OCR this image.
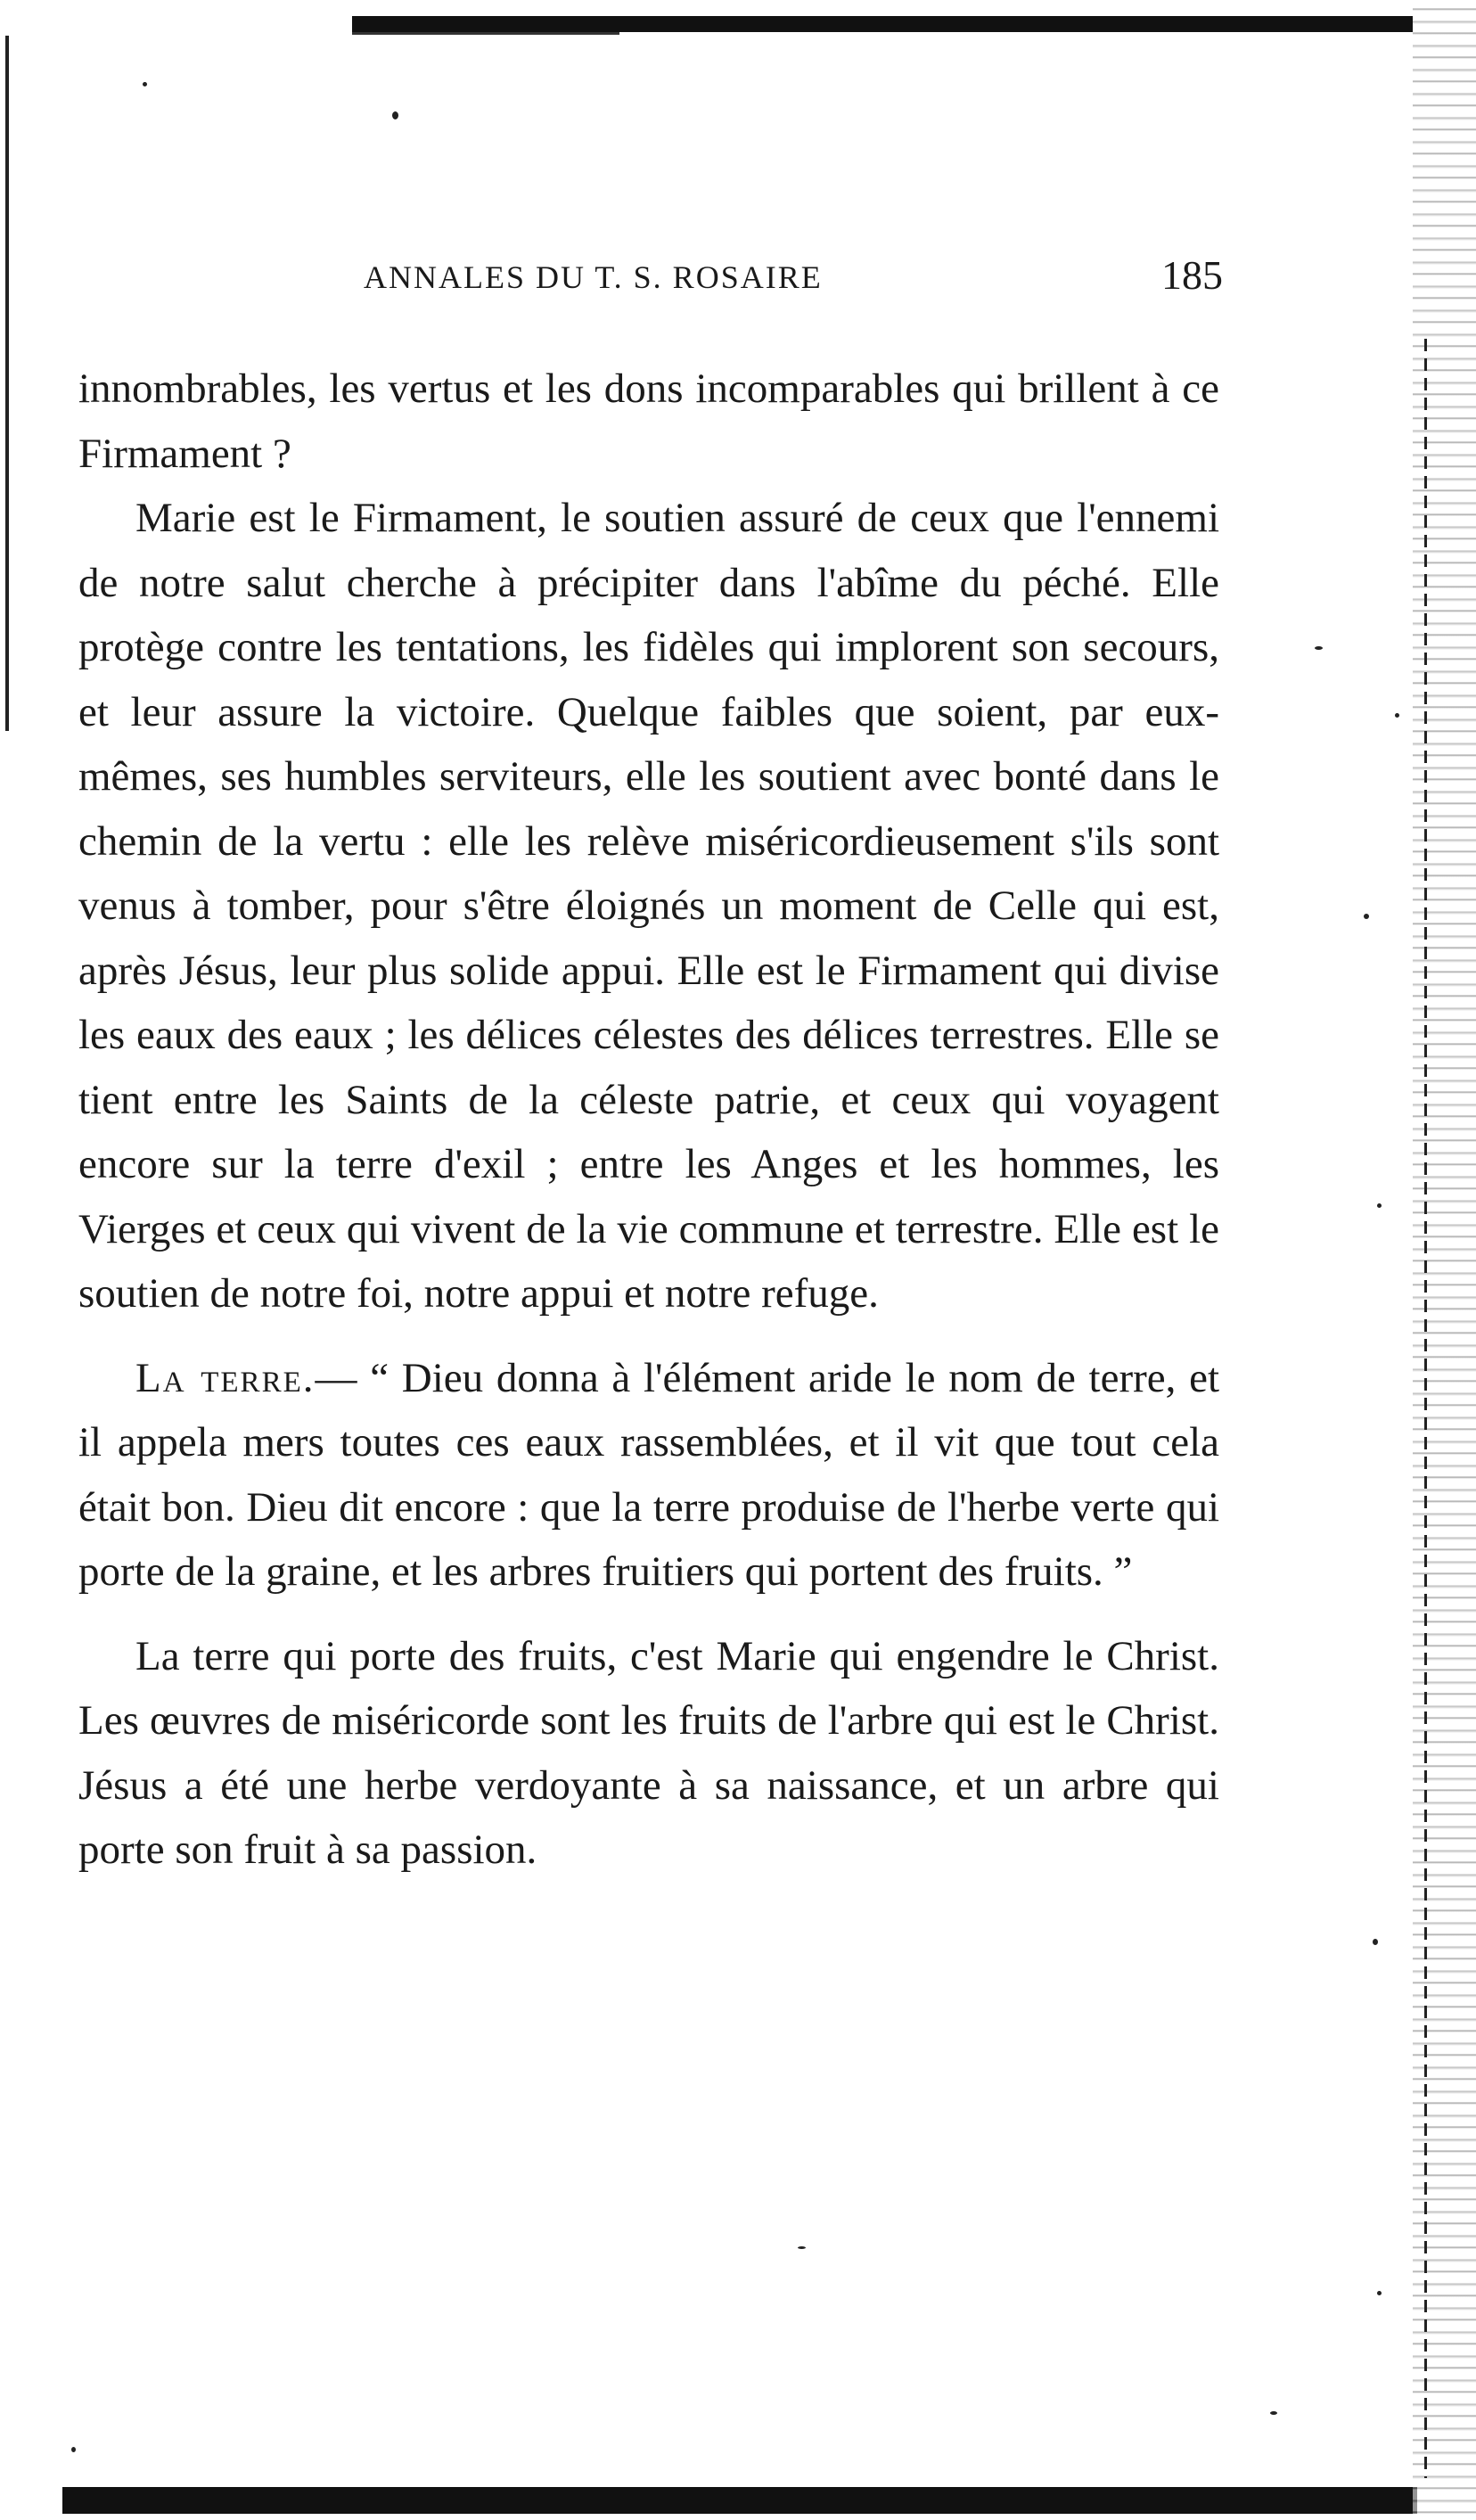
ANNALES DU T. S. ROSAIRE	185

innombrables, les vertus et les dons incomparables qui brillent à ce Firmament ?

Marie est le Firmament, le soutien assuré de ceux que l'ennemi de notre salut cherche à précipiter dans l'abîme du péché. Elle protège contre les tentations, les fidèles qui implorent son secours, et leur assure la victoire. Quelque faibles que soient, par eux-mêmes, ses humbles serviteurs, elle les soutient avec bonté dans le chemin de la vertu : elle les relève miséricordieusement s'ils sont venus à tomber, pour s'être éloignés un moment de Celle qui est, après Jésus, leur plus solide appui. Elle est le Firmament qui divise les eaux des eaux ; les délices célestes des délices terrestres. Elle se tient entre les Saints de la céleste patrie, et ceux qui voyagent encore sur la terre d'exil ; entre les Anges et les hommes, les Vierges et ceux qui vivent de la vie commune et terrestre. Elle est le soutien de notre foi, notre appui et notre refuge.

La terre.— “ Dieu donna à l'élément aride le nom de terre, et il appela mers toutes ces eaux rassemblées, et il vit que tout cela était bon. Dieu dit encore : que la terre produise de l'herbe verte qui porte de la graine, et les arbres fruitiers qui portent des fruits. ”

La terre qui porte des fruits, c'est Marie qui engendre le Christ. Les œuvres de miséricorde sont les fruits de l'arbre qui est le Christ. Jésus a été une herbe verdoyante à sa naissance, et un arbre qui porte son fruit à sa passion.
